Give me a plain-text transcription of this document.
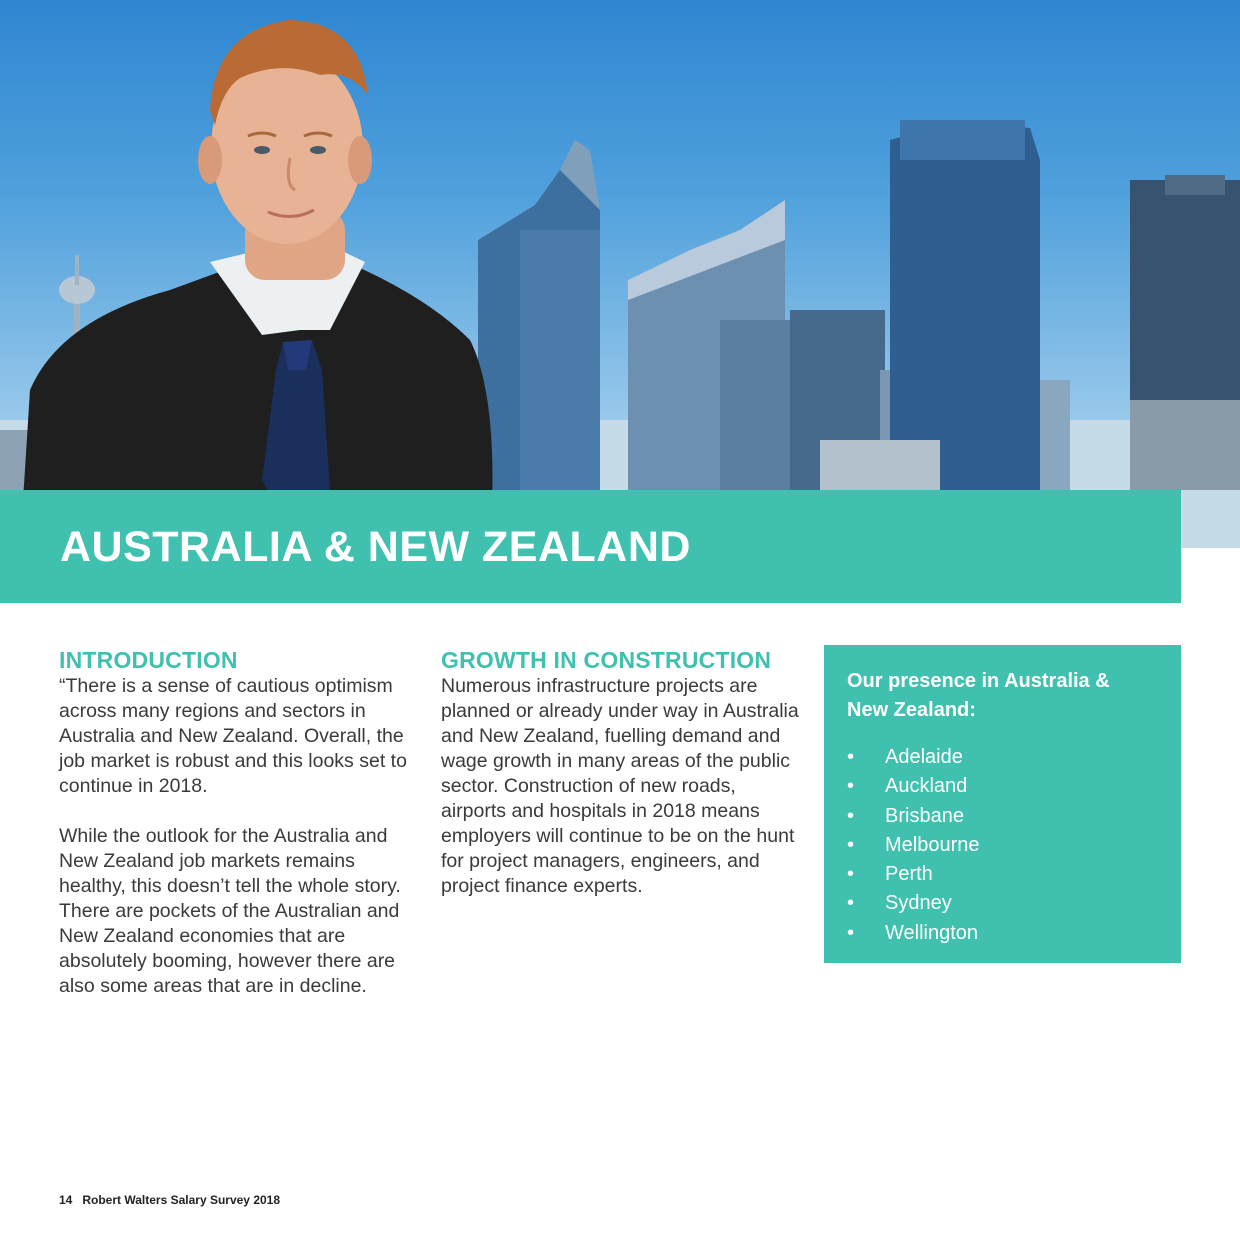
AUSTRALIA & NEW ZEALAND
INTRODUCTION

“There is a sense of cautious optimism across many regions and sectors in Australia and New Zealand. Overall, the job market is robust and this looks set to continue in 2018.

While the outlook for the Australia and New Zealand job markets remains healthy, this doesn’t tell the whole story. There are pockets of the Australian and New Zealand economies that are absolutely booming, however there are also some areas that are in decline.

GROWTH IN CONSTRUCTION

Numerous infrastructure projects are planned or already under way in Australia and New Zealand, fuelling demand and wage growth in many areas of the public sector. Construction of new roads, airports and hospitals in 2018 means employers will continue to be on the hunt for project managers, engineers, and project finance experts.

Our presence in Australia & New Zealand:

• Adelaide
• Auckland
• Brisbane
• Melbourne
• Perth
• Sydney
• Wellington
14 Robert Walters Salary Survey 2018
